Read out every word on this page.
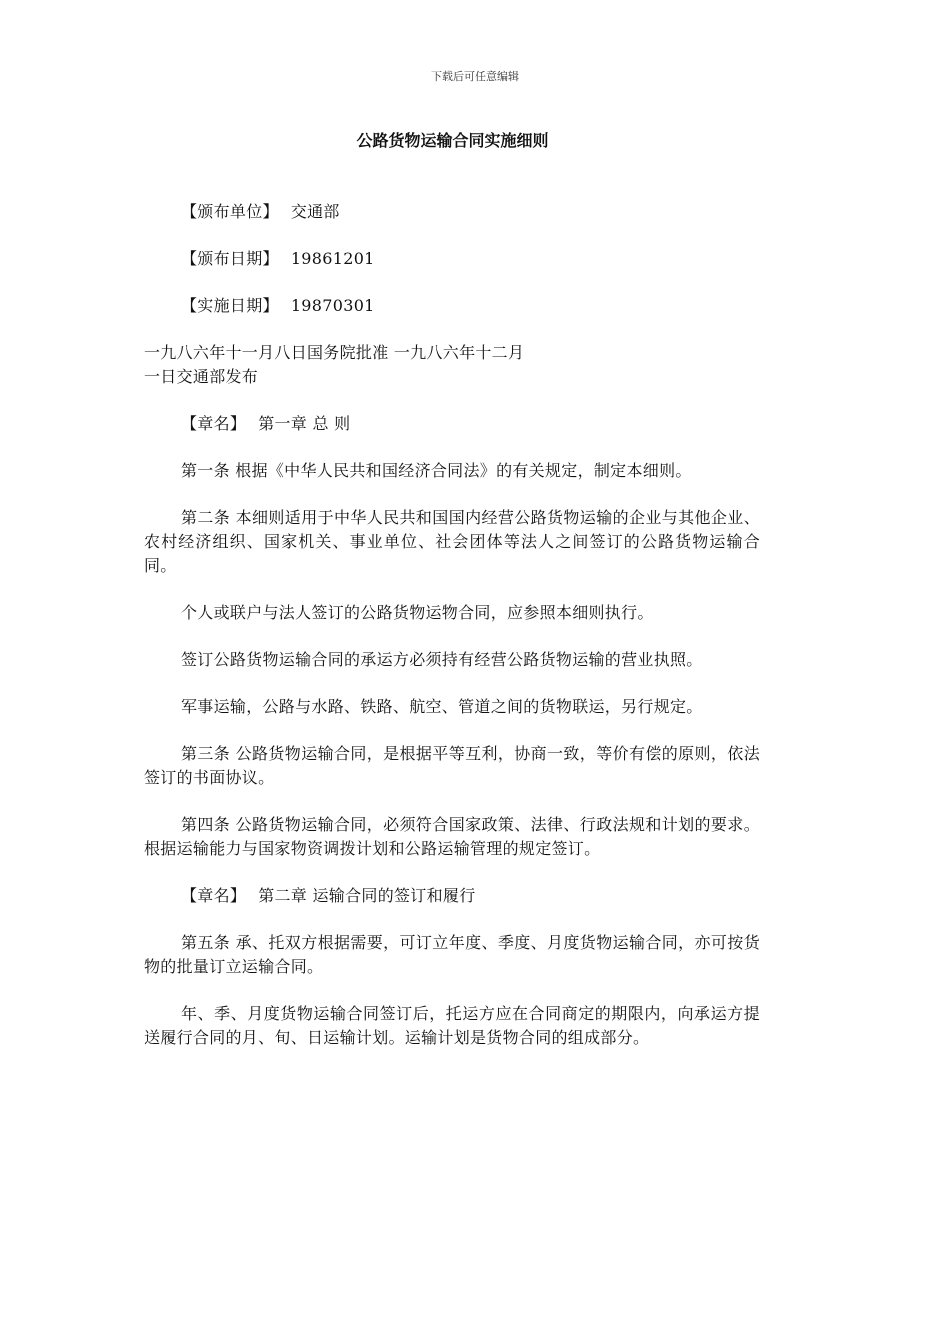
下载后可任意编辑
公路货物运输合同实施细则

【颁布单位】 交通部

【颁布日期】 19861201

【实施日期】 19870301

一九八六年十一月八日国务院批准 一九八六年十二月

一日交通部发布

【章名】 第一章 总 则

第一条 根据《中华人民共和国经济合同法》的有关规定，制定本细则。

第二条 本细则适用于中华人民共和国国内经营公路货物运输的企业与其他企业、农村经济组织、国家机关、事业单位、社会团体等法人之间签订的公路货物运输合同。

个人或联户与法人签订的公路货物运物合同，应参照本细则执行。

签订公路货物运输合同的承运方必须持有经营公路货物运输的营业执照。

军事运输，公路与水路、铁路、航空、管道之间的货物联运，另行规定。

第三条 公路货物运输合同，是根据平等互利，协商一致，等价有偿的原则，依法签订的书面协议。

第四条 公路货物运输合同，必须符合国家政策、法律、行政法规和计划的要求。根据运输能力与国家物资调拨计划和公路运输管理的规定签订。

【章名】 第二章 运输合同的签订和履行

第五条 承、托双方根据需要，可订立年度、季度、月度货物运输合同，亦可按货物的批量订立运输合同。

年、季、月度货物运输合同签订后，托运方应在合同商定的期限内，向承运方提送履行合同的月、旬、日运输计划。运输计划是货物合同的组成部分。
